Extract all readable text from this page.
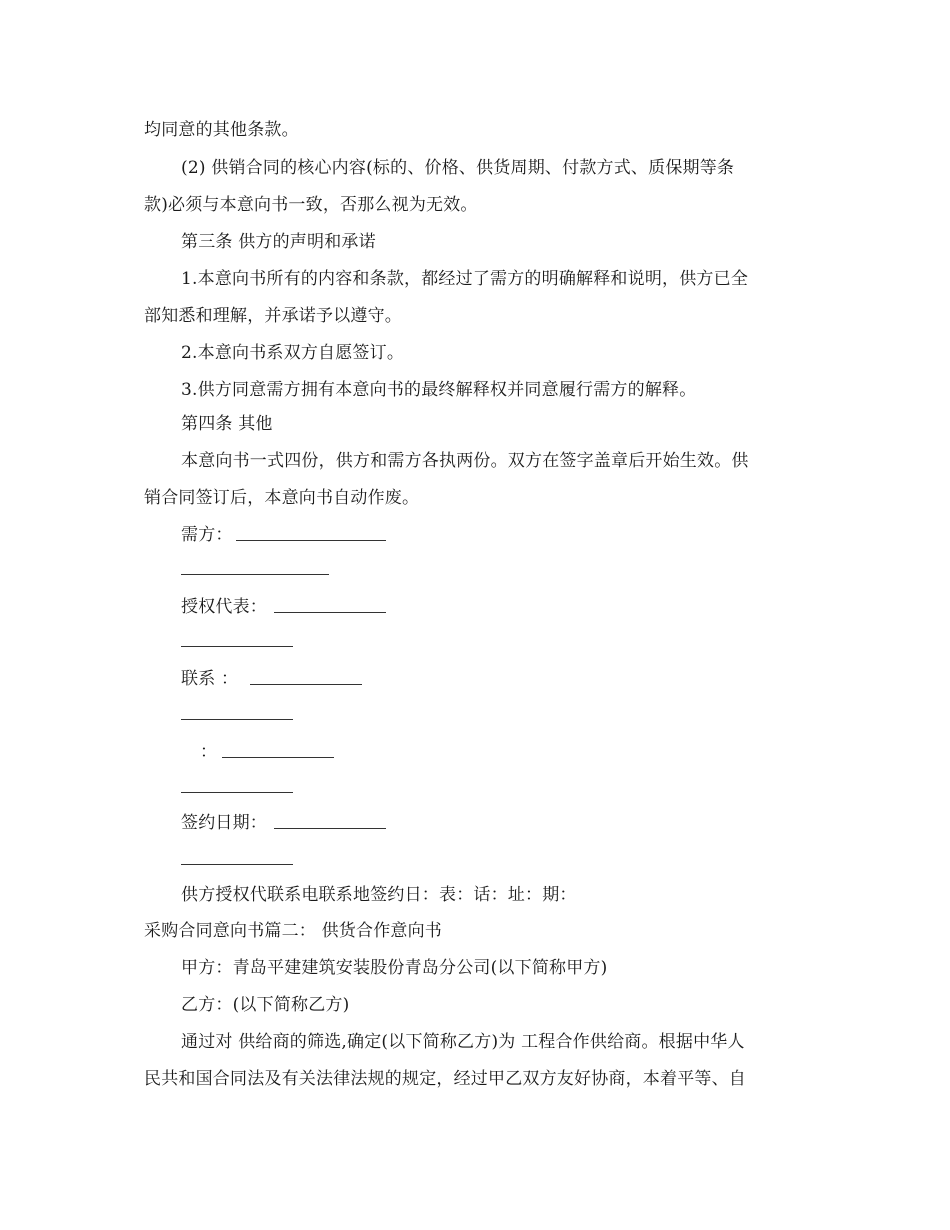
均同意的其他条款。
(2) 供销合同的核心内容(标的、价格、供货周期、付款方式、质保期等条
款)必须与本意向书一致，否那么视为无效。
第三条 供方的声明和承诺
1.本意向书所有的内容和条款，都经过了需方的明确解释和说明，供方已全
部知悉和理解，并承诺予以遵守。
2.本意向书系双方自愿签订。
3.供方同意需方拥有本意向书的最终解释权并同意履行需方的解释。
第四条 其他
本意向书一式四份，供方和需方各执两份。双方在签字盖章后开始生效。供
销合同签订后，本意向书自动作废。
需方：
授权代表：
联系 ：
：
签约日期：
供方授权代联系电联系地签约日：表：话：址：期：
采购合同意向书篇二： 供货合作意向书
甲方：青岛平建建筑安装股份青岛分公司(以下简称甲方)
乙方：(以下简称乙方)
通过对 供给商的筛选,确定(以下简称乙方)为 工程合作供给商。根据中华人
民共和国合同法及有关法律法规的规定，经过甲乙双方友好协商，本着平等、自
